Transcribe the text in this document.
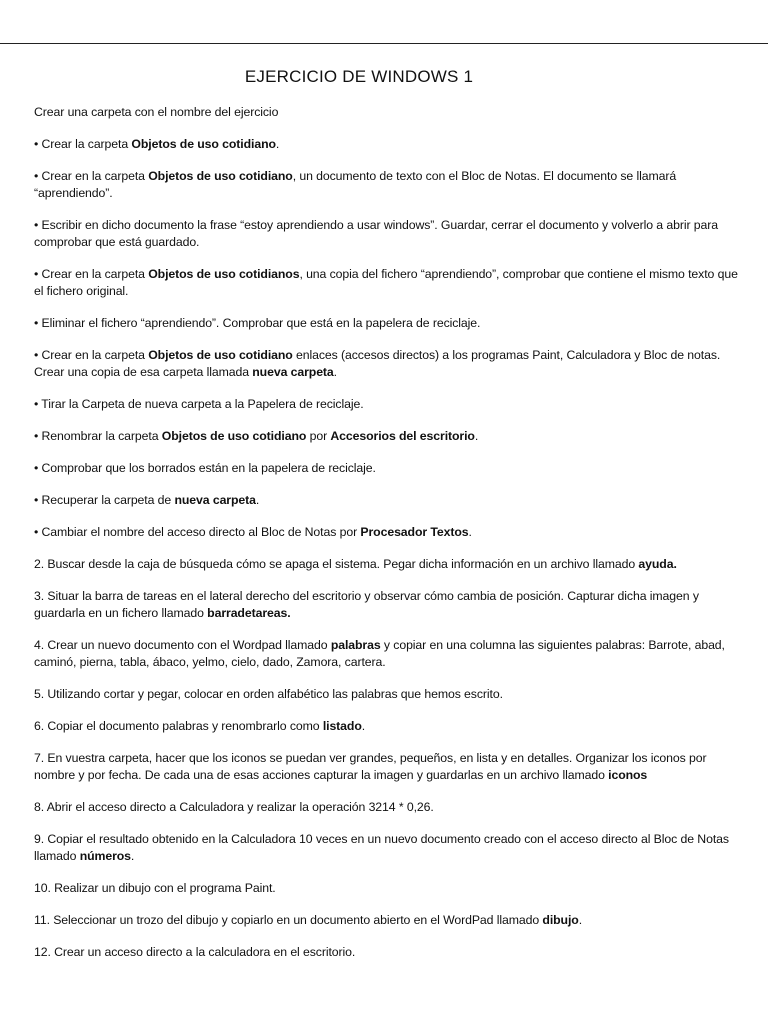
EJERCICIO DE WINDOWS 1
Crear una carpeta con el nombre del ejercicio
• Crear la carpeta Objetos de uso cotidiano.
• Crear en la carpeta Objetos de uso cotidiano, un documento de texto con el Bloc de Notas. El documento se llamará “aprendiendo”.
• Escribir en dicho documento la frase “estoy aprendiendo a usar windows”. Guardar, cerrar el documento y volverlo a abrir para comprobar que está guardado.
• Crear en la carpeta Objetos de uso cotidianos, una copia del fichero “aprendiendo”, comprobar que contiene el mismo texto que el fichero original.
• Eliminar el fichero “aprendiendo”. Comprobar que está en la papelera de reciclaje.
• Crear en la carpeta Objetos de uso cotidiano enlaces (accesos directos) a los programas Paint, Calculadora y Bloc de notas. Crear una copia de esa carpeta llamada nueva carpeta.
• Tirar la Carpeta de nueva carpeta a la Papelera de reciclaje.
• Renombrar la carpeta Objetos de uso cotidiano por Accesorios del escritorio.
• Comprobar que los borrados están en la papelera de reciclaje.
• Recuperar la carpeta de nueva carpeta.
• Cambiar el nombre del acceso directo al Bloc de Notas por Procesador Textos.
2. Buscar desde la caja de búsqueda cómo se apaga el sistema. Pegar dicha información en un archivo llamado ayuda.
3. Situar la barra de tareas en el lateral derecho del escritorio y observar cómo cambia de posición. Capturar dicha imagen y guardarla en un fichero llamado barradetareas.
4. Crear un nuevo documento con el Wordpad llamado palabras y copiar en una columna las siguientes palabras: Barrote, abad, caminó, pierna, tabla, ábaco, yelmo, cielo, dado, Zamora, cartera.
5. Utilizando cortar y pegar, colocar en orden alfabético las palabras que hemos escrito.
6. Copiar el documento palabras y renombrarlo como listado.
7. En vuestra carpeta, hacer que los iconos se puedan ver grandes, pequeños, en lista y en detalles. Organizar los iconos por nombre y por fecha. De cada una de esas acciones capturar la imagen y guardarlas en un archivo llamado iconos
8. Abrir el acceso directo a Calculadora y realizar la operación 3214 * 0,26.
9. Copiar el resultado obtenido en la Calculadora 10 veces en un nuevo documento creado con el acceso directo al Bloc de Notas llamado números.
10. Realizar un dibujo con el programa Paint.
11. Seleccionar un trozo del dibujo y copiarlo en un documento abierto en el WordPad llamado dibujo.
12. Crear un acceso directo a la calculadora en el escritorio.
